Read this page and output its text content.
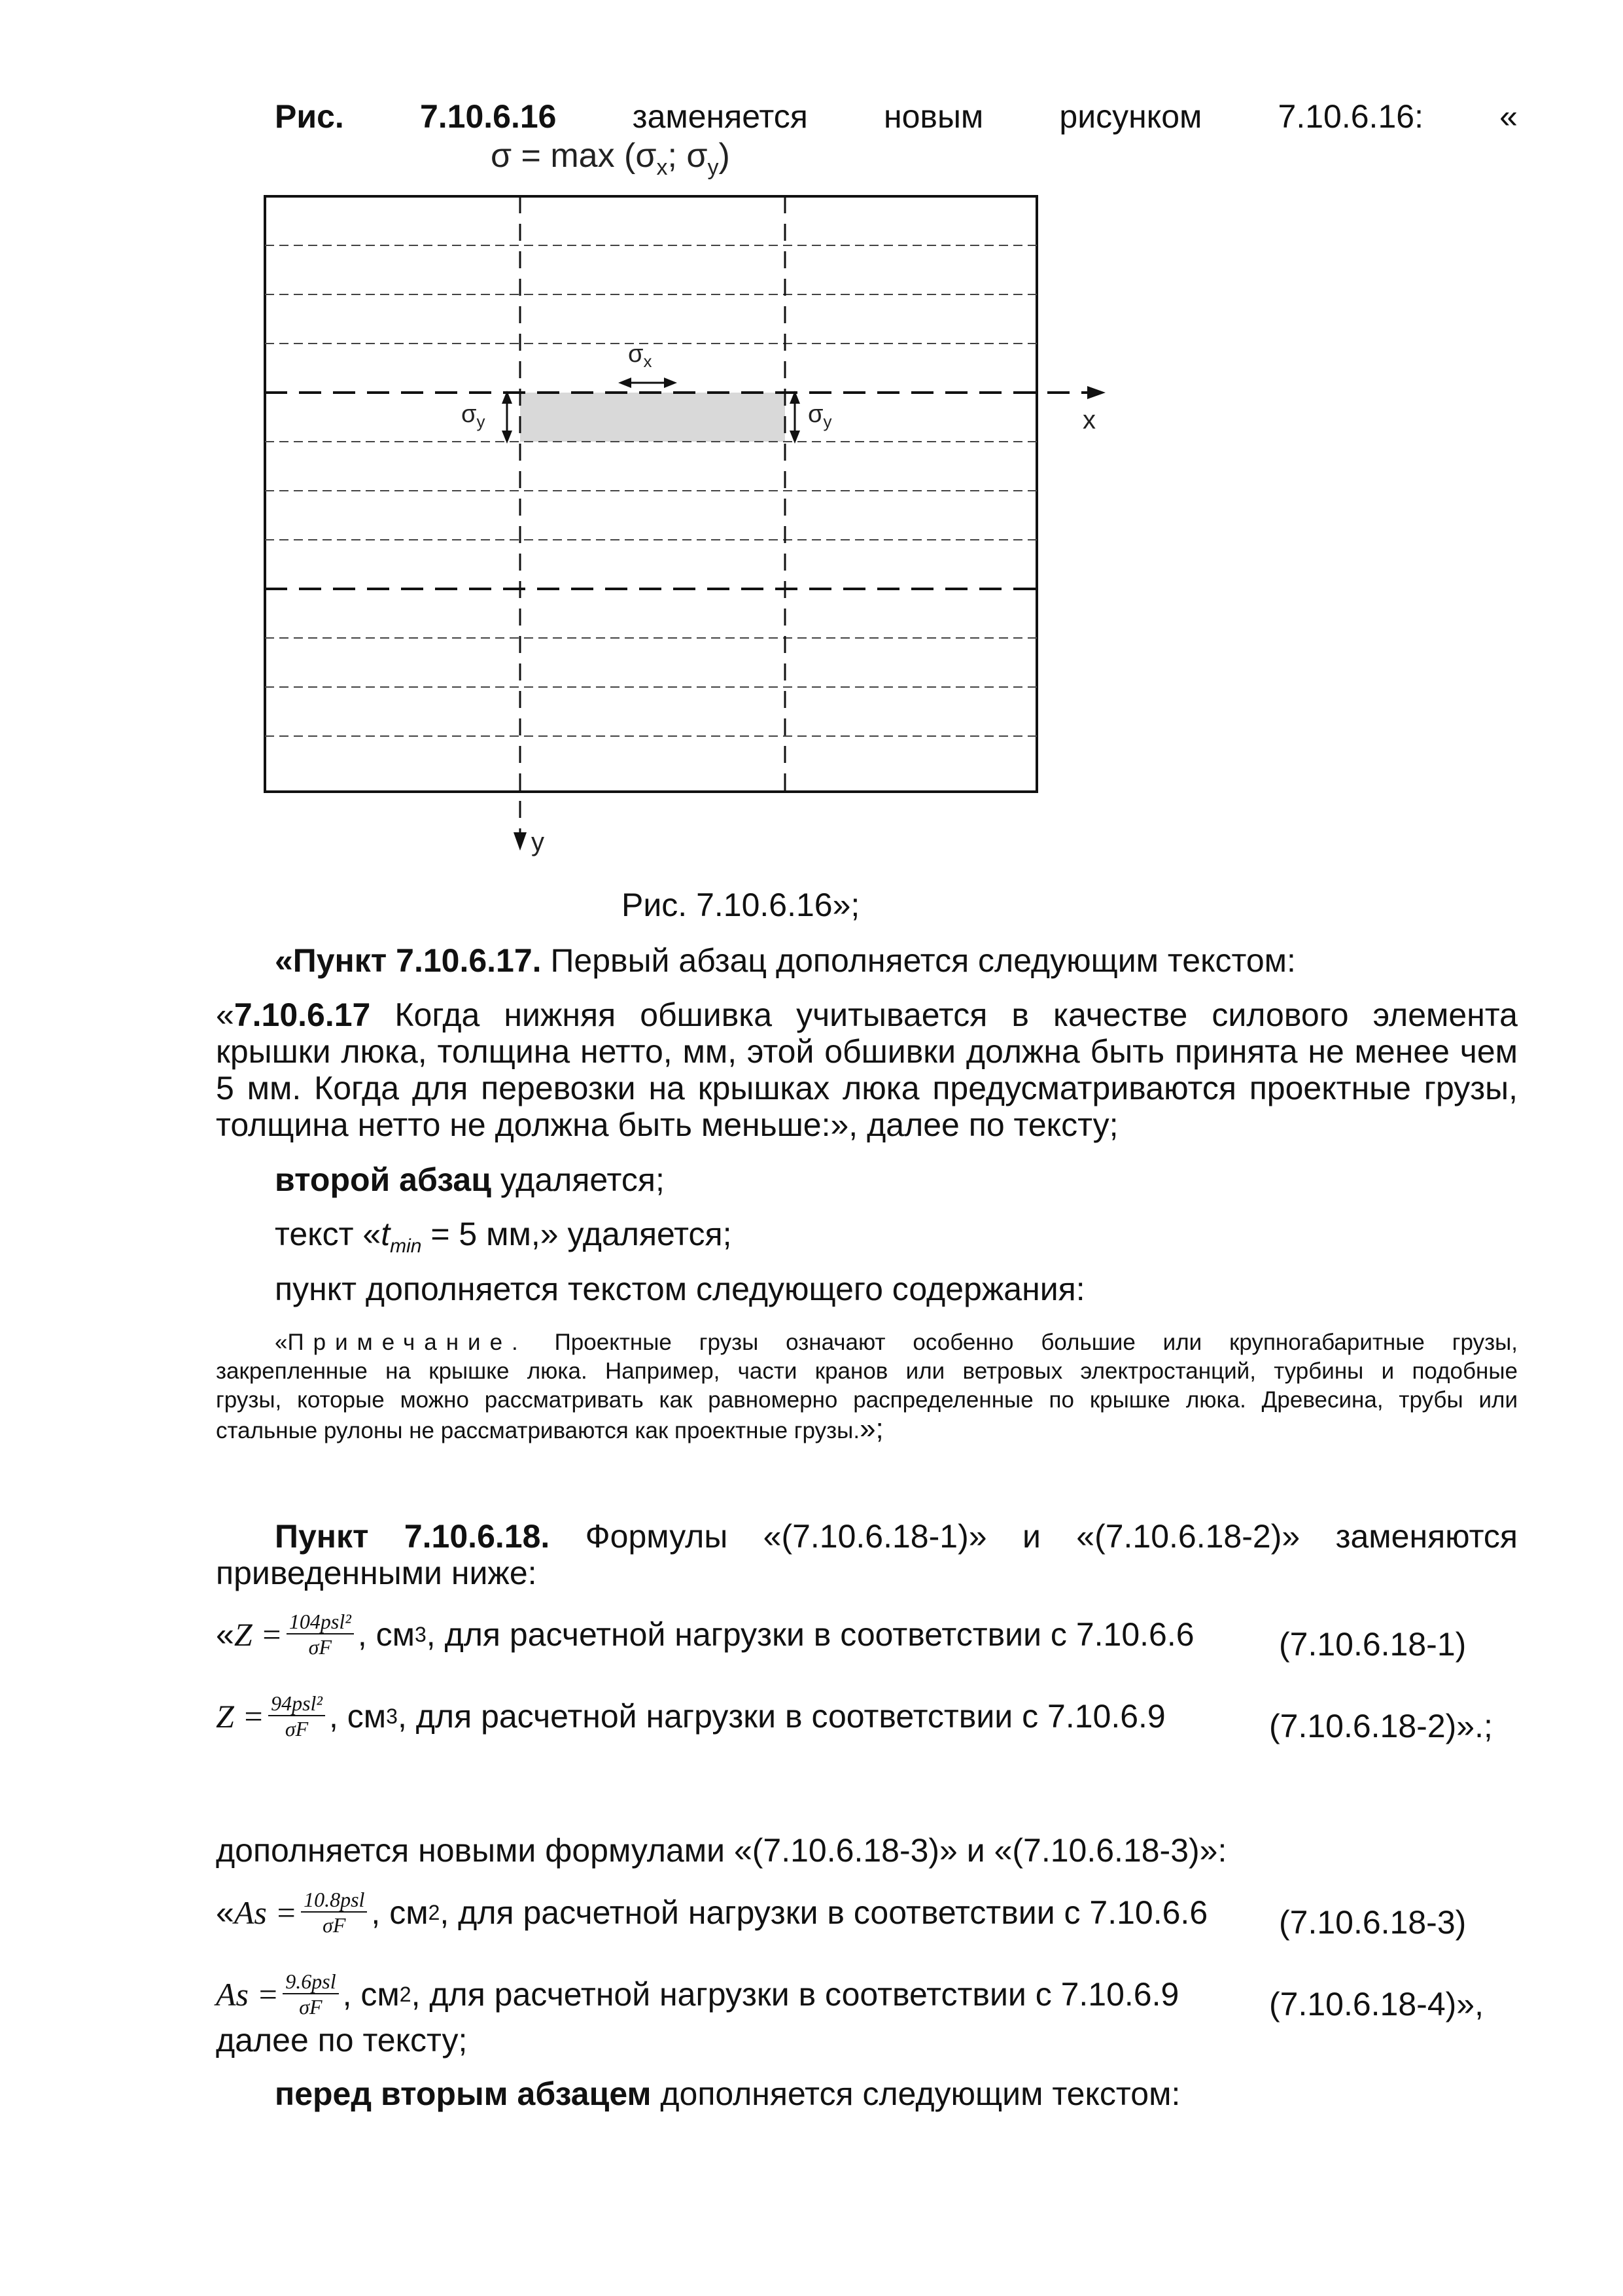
Рис. 7.10.6.16 заменяется новым рисунком 7.10.6.16: «
$\sigma = \max (\sigma_x$; $\sigma_y$)
x
y
$\sigma_x$
$\sigma_y$	$\sigma_y$
Рис. 7.10.6.16»;
«Пункт 7.10.6.17. Первый абзац дополняется следующим текстом:
«7.10.6.17 Когда нижняя обшивка учитывается в качестве силового элемента
крышки люка, толщина нетто, мм, этой обшивки должна быть принята не менее чем
5 мм. Когда для перевозки на крышках люка предусматриваются проектные грузы,
толщина нетто не должна быть меньше:», далее по тексту;
второй абзац удаляется;
текст «$t_{min} = 5$ мм,» удаляется;
пункт дополняется текстом следующего содержания:
«Примечание. Проектные грузы означают особенно большие или крупногабаритные грузы,
закрепленные на крышке люка. Например, части кранов или ветровых электростанций, турбины и подобные
грузы, которые можно рассматривать как равномерно распределенные по крышке люка. Древесина, трубы или
стальные рулоны не рассматриваются как проектные грузы.»;
Пункт 7.10.6.18. Формулы «(7.10.6.18-1)» и «(7.10.6.18-2)» заменяются
приведенными ниже:
« $Z = \frac{\text{104psl²}}{\sigma F}$ , см 3 , для расчетной нагрузки в соответствии с 7.10.6.6	(7.10.6.18-1)
$Z = \frac{\text{94psl²}}{\sigma F}$ , см 3 , для расчетной нагрузки в соответствии с 7.10.6.9	(7.10.6.18-2)».;
дополняется новыми формулами «(7.10.6.18-3)» и «(7.10.6.18-3)»:
« $As = \frac{\text{10.8psl}}{\sigma F}$ , см 2 , для расчетной нагрузки в соответствии с 7.10.6.6 (7.10.6.18-3)
$As = \frac{\text{9.6psl}}{\sigma F}$ , см 2 , для расчетной нагрузки в соответствии с 7.10.6.9	(7.10.6.18-4)»,
далее по тексту;
перед вторым абзацем дополняется следующим текстом:
